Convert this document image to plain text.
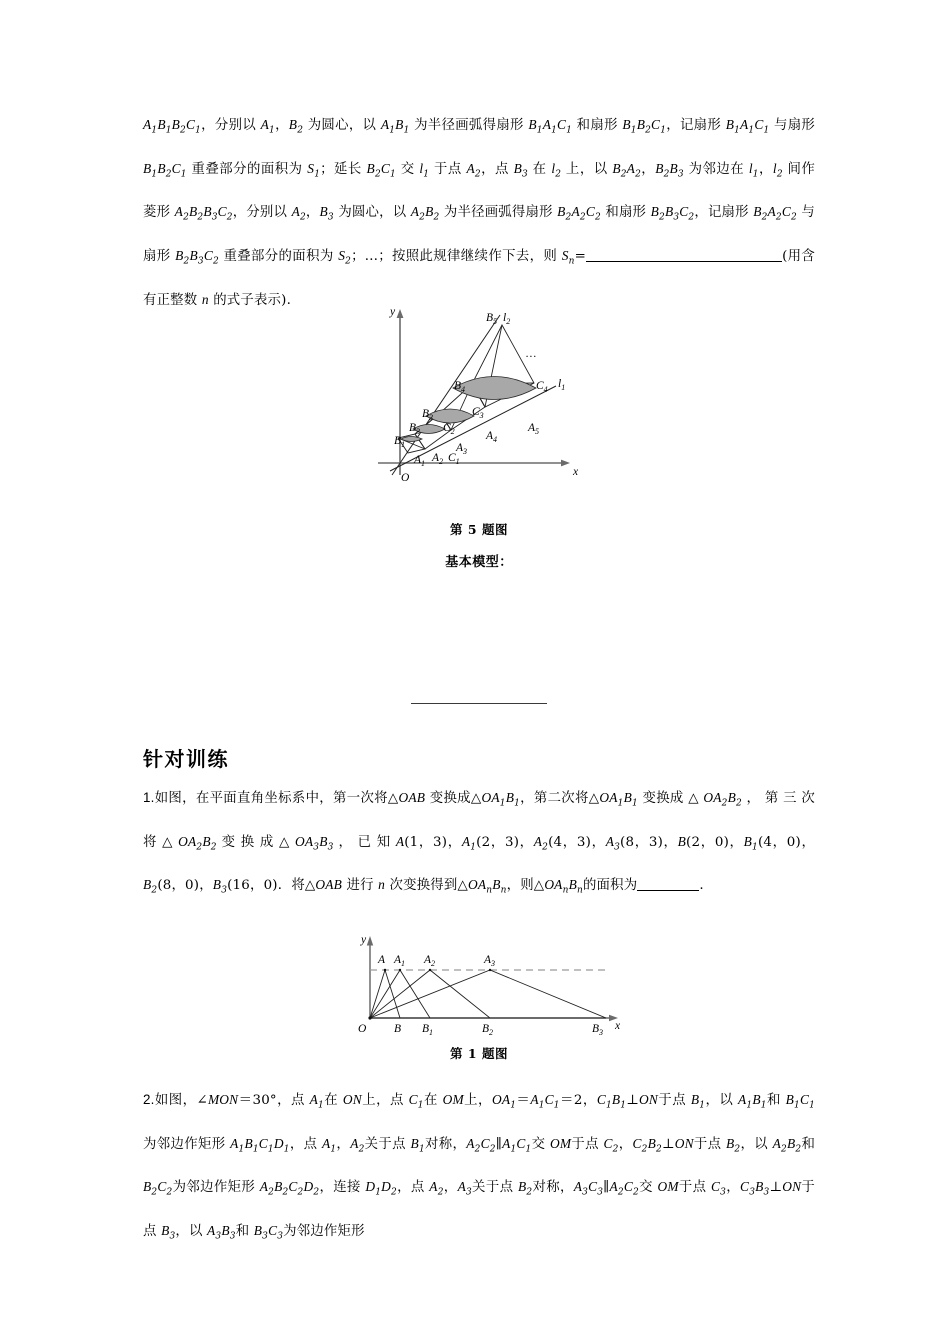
$A_1B_1B_2C_1$，分别以 $A_1$，$B_2$ 为圆心，以 $A_1B_1$ 为半径画弧得扇形 $B_1A_1C_1$ 和扇形 $B_1B_2C_1$，记扇形 $B_1A_1C_1$ 与扇形 $B_1B_2C_1$ 重叠部分的面积为 $S_1$；延长 $B_2C_1$ 交 $l_1$ 于点 $A_2$，点 $B_3$ 在 $l_2$ 上，以 $B_2A_2$，$B_2B_3$ 为邻边在 $l_1$，$l_2$ 间作菱形 $A_2B_2B_3C_2$，分别以 $A_2$，$B_3$ 为圆心，以 $A_2B_2$ 为半径画弧得扇形 $B_2A_2C_2$ 和扇形 $B_2B_3C_2$，记扇形 $B_2A_2C_2$ 与扇形 $B_2B_3C_2$ 重叠部分的面积为 $S_2$；…；按照此规律继续作下去，则 $S_n=$	(用含有正整数 n 的式子表示).
y
x
O
$l_1$
$l_2$
…
$B_5$
$B_4$
$B_3$
$B_3$
$B_1$
$C_4$
$C_3$
$C_2$
$C_1$
$A_5$
$A_4$
$A_3$
$A_2$
$A_1$
第 5 题图
基本模型：
针对训练
1.如图，在平面直角坐标系中，第一次将△OAB 变换成$\triangle OA_1B_1$，第二次将$\triangle OA_1B_1$ 变换成 △ $OA_2B_2$ ， 第 三 次 将 △ $OA_2B_2$ 变 换 成 △ $OA_3B_3$ ， 已 知 A(1，3)，$A_1(2$，3)，$A_2(4$，3)，$A_3(8$，3)，B(2，0)，$B_1(4$，0)，$B_2(8$，0)，$B_3(16$，0)．将△OAB 进行 n 次变换得到$\triangle OA_nB_n$，则$\triangle OA_nB_n$的面积为	.
y
x
O
A $A_1$ $A_2$	$A_3$
B $B_1$	$B_2$	$B_3$
第 1 题图
2.如图，∠MON＝30°，点 $A_1$在 ON上，点 $C_1$在 OM上，$OA_1=A_1C_1=2$，$C_1B_1\perp ON$于点 $B_1$，以 $A_1B_1$和 $B_1C_1$为邻边作矩形 $A_1B_1C_1D_1$，点 $A_1$，$A_2$关于点 $B_1$对称，$A_2C_2\parallel A_1C_1$交 OM于点 $C_2$，$C_2B_2\perp ON$于点 $B_2$，以 $A_2B_2$和 $B_2C_2$为邻边作矩形 $A_2B_2C_2D_2$，连接 $D_1D_2$，点 $A_2$，$A_3$关于点 $B_2$对称，$A_3C_3\parallel A_2C_2$交 OM于点 $C_3$，$C_3B_3\perp ON$于点 $B_3$，以 $A_3B_3$和 $B_3C_3$为邻边作矩形
